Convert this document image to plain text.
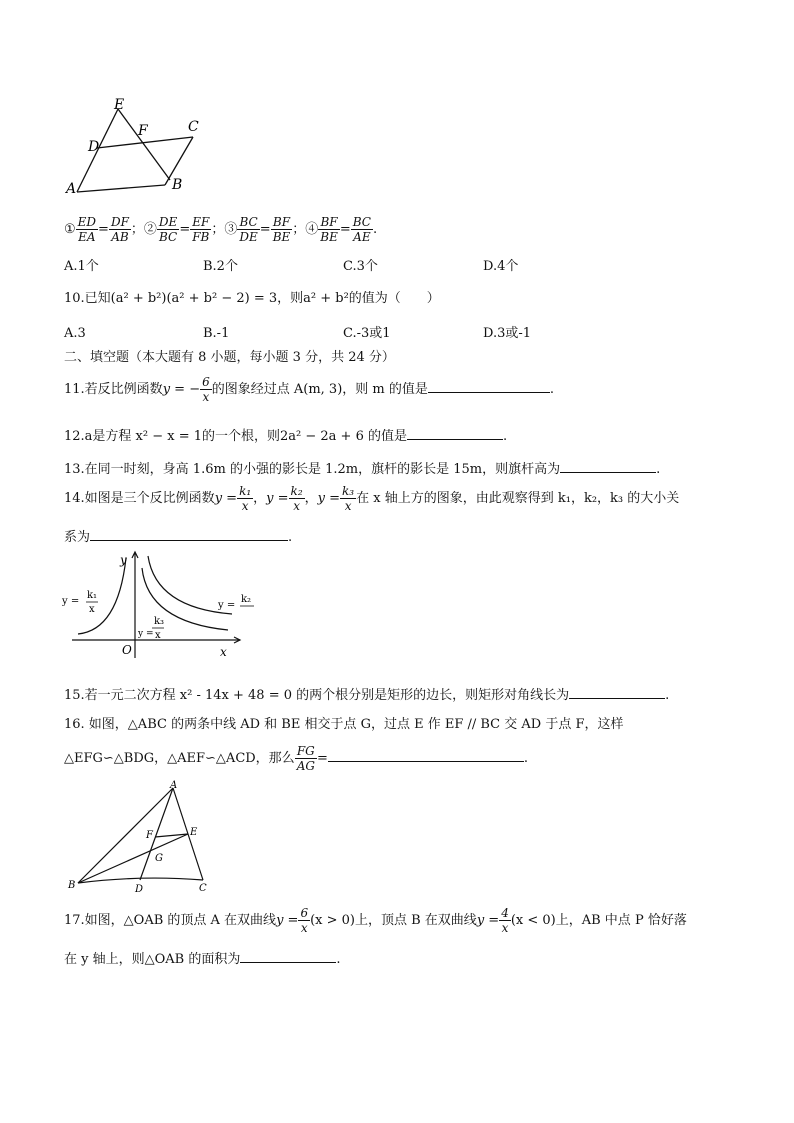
E
F	C
D
A	B
① $\frac{ED}{EA} = \frac{DF}{AB}$ ；② $\frac{DE}{BC} = \frac{EF}{FB}$ ；③ $\frac{BC}{DE} = \frac{BF}{BE}$ ；④ $\frac{BF}{BE} = \frac{BC}{AE}$ .
A.1个	B.2个	C.3个	D.4个
10.已知(a² + b²)(a² + b² − 2) = 3，则a² + b²的值为（　　）
A.3	B.-1	C.-3或1	D.3或-1
二、填空题（本大题有 8 小题，每小题 3 分，共 24 分）
11.若反比例函数y = − $\frac{6}{x}$ 的图象经过点 A(m, 3)，则 m 的值是	.
12.a是方程 x² − x = 1的一个根，则2a² − 2a + 6 的值是	.
13.在同一时刻，身高 1.6m 的小强的影长是 1.2m，旗杆的影长是 15m，则旗杆高为	.
14.如图是三个反比例函数$y = \frac{\text{k₁}}{x}$ ，$y = \frac{\text{k₂}}{x}$ ，$y = \frac{\text{k₃}}{x}$ 在 x 轴上方的图象，由此观察得到 k₁，k₂，k₃ 的大小关
系为	.
y
O	x
y =
k₁
x	y =
k₂
y =
k₃
x
15.若一元二次方程 x² - 14x + 48 = 0 的两个根分别是矩形的边长，则矩形对角线长为	.
16. 如图，△ABC 的两条中线 AD 和 BE 相交于点 G，过点 E 作 EF // BC 交 AD 于点 F，这样
△EFG∽△BDG，△AEF∽△ACD，那么 $\frac{FG}{AG}$ =	.
A
F	E
G
B	D	C
17.如图，△OAB 的顶点 A 在双曲线$y = \frac{6}{x} (x > 0)$上，顶点 B 在双曲线$y = \frac{4}{x} (x < 0)$上，AB 中点 P 恰好落
在 y 轴上，则△OAB 的面积为	.
